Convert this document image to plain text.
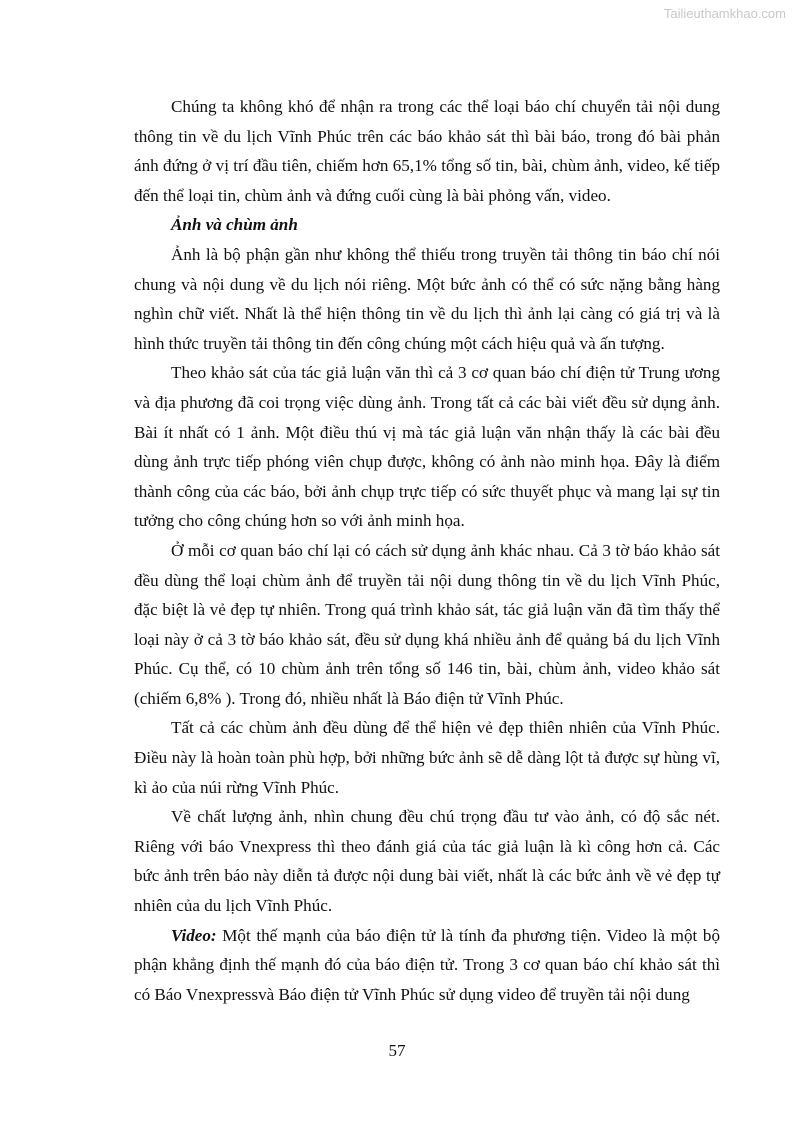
Tailieuthamkhao.com

Chúng ta không khó để nhận ra trong các thể loại báo chí chuyển tải nội dung thông tin về du lịch Vĩnh Phúc trên các báo khảo sát thì bài báo, trong đó bài phản ánh đứng ở vị trí đầu tiên, chiếm hơn 65,1% tổng số tin, bài, chùm ảnh, video, kế tiếp đến thể loại tin, chùm ảnh và đứng cuối cùng là bài phỏng vấn, video.

Ảnh và chùm ảnh

Ảnh là bộ phận gần như không thể thiếu trong truyền tải thông tin báo chí nói chung và nội dung về du lịch nói riêng. Một bức ảnh có thể có sức nặng bằng hàng nghìn chữ viết. Nhất là thể hiện thông tin về du lịch thì ảnh lại càng có giá trị và là hình thức truyền tải thông tin đến công chúng một cách hiệu quả và ấn tượng.

Theo khảo sát của tác giả luận văn thì cả 3 cơ quan báo chí điện tử Trung ương và địa phương đã coi trọng việc dùng ảnh. Trong tất cả các bài viết đều sử dụng ảnh. Bài ít nhất có 1 ảnh. Một điều thú vị mà tác giả luận văn nhận thấy là các bài đều dùng ảnh trực tiếp phóng viên chụp được, không có ảnh nào minh họa. Đây là điểm thành công của các báo, bởi ảnh chụp trực tiếp có sức thuyết phục và mang lại sự tin tưởng cho công chúng hơn so với ảnh minh họa.

Ở mỗi cơ quan báo chí lại có cách sử dụng ảnh khác nhau. Cả 3 tờ báo khảo sát đều dùng thể loại chùm ảnh để truyền tải nội dung thông tin về du lịch Vĩnh Phúc, đặc biệt là vẻ đẹp tự nhiên. Trong quá trình khảo sát, tác giả luận văn đã tìm thấy thể loại này ở cả 3 tờ báo khảo sát, đều sử dụng khá nhiều ảnh để quảng bá du lịch Vĩnh Phúc. Cụ thể, có 10 chùm ảnh trên tổng số 146 tin, bài, chùm ảnh, video khảo sát (chiếm 6,8% ). Trong đó, nhiều nhất là Báo điện tử Vĩnh Phúc.

Tất cả các chùm ảnh đều dùng để thể hiện vẻ đẹp thiên nhiên của Vĩnh Phúc. Điều này là hoàn toàn phù hợp, bởi những bức ảnh sẽ dễ dàng lột tả được sự hùng vĩ, kì ảo của núi rừng Vĩnh Phúc.

Về chất lượng ảnh, nhìn chung đều chú trọng đầu tư vào ảnh, có độ sắc nét. Riêng với báo Vnexpress thì theo đánh giá của tác giả luận là kì công hơn cả. Các bức ảnh trên báo này diễn tả được nội dung bài viết, nhất là các bức ảnh về vẻ đẹp tự nhiên của du lịch Vĩnh Phúc.

Video: Một thế mạnh của báo điện tử là tính đa phương tiện. Video là một bộ phận khẳng định thế mạnh đó của báo điện tử. Trong 3 cơ quan báo chí khảo sát thì có Báo Vnexpressvà Báo điện tử Vĩnh Phúc sử dụng video để truyền tải nội dung

57
